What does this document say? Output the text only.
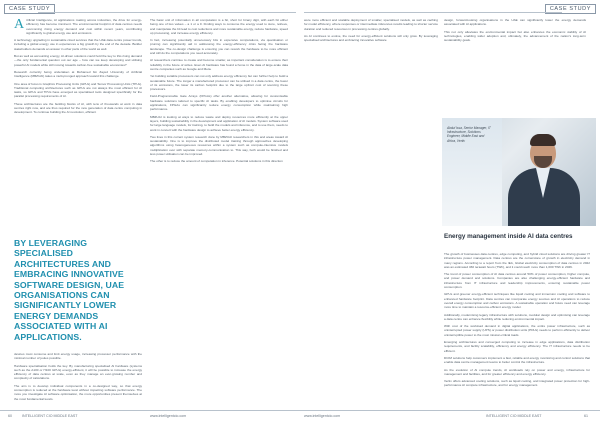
CASE STUDY
A rtificial Intelligence, AI applications making across industries, the drive for energy-efficiency has become imminent. The environmental footprint of data centres needs overcoming rising energy demand and cost within recent years, contributing significantly to global energy use and emissions.

A technology upgrading in sustainable cloud services that the UAE data centre power trends, including a global energy use in experiences a big growth by the end of the decade. Builder stakeholders demands an answer in other parts of the world as well.

But as well as accounting energy, AI-driven solutions could hold the key to this rising demand—the only fundamental question out our age – how can we keep developing and utilising powerful AI models while still moving towards carbon-free sustainable economies?

Research currently being undertaken at Mohamed bin Zayed University of Artificial Intelligence (MBZUAI) takes a multi-pronged approach toward this challenge.

One area of focus is Graphics Processing Units (GPUs) and Tensor Processing Units (TPUs). Traditional computing architectures such as GPUs are not always the most efficient for AI tasks, so GPUs and TPUs have emerged as specialised tools designed specifically for the parallel processing requirements of AI.

These architectures are the building blocks of AI, with tens of thousands at work in data centres right now, and are thus required for the new generation of data centre computing in development. To continue building the AI revolution, efficient

BY LEVERAGING SPECIALISED ARCHITECTURES AND EMBRACING INNOVATIVE SOFTWARE DESIGN, UAE ORGANISATIONS CAN SIGNIFICANTLY LOWER ENERGY DEMANDS ASSOCIATED WITH AI APPLICATIONS.

devices must consume and limit energy usage, increasing processor performance with the minimal number of joules possible.

Hardware specialisation holds the key. By manufacturing specialised AI hardware (systems such as the A100 or H100 GPUs) energy-efficient, it will be possible to increase the energy efficiency of data centres at scale, even as they manage an ever-growing number and complexity of calculations.

The aim is to develop individual components in a co-designed way, so that energy consumption is reduced at the hardware level without impacting software performance. The more you investigate AI software optimisation, the more opportunities present themselves at the most fundamental levels.

The basic unit of information in all computation is a bit, short for binary digit, with each bit either being one of two values – a 1 or a 0. Finding ways to consume the energy used to store, retrieve, and manipulate the bit lead to cost reductions and more sustainable energy, reduce hardware, speed up processing, and increase energy efficiency.

In fact, increasing potentially unnecessary bits in expensive computations, via quantisation or pruning can significantly aid in addressing the energy-efficiency crisis facing the hardware landscape. The co-design challenge is ensuring you can rework the hardware to be more efficient and still do the computations you need accurately.

AI researchers continue to create and become smaller, as important consideration is to ensure their reliability in the future of writes. Even AI hardware has found a home in the data of large-scale data centre companies such as Google and Meta.

Yet building suitable processors can not only address energy efficiency but can further help to build a sustainable future. The longer a manufactured processor can be utilised in a data centre, the fewer of its emissions, the lower its carbon footprint due to the large upfront cost of sourcing these processors.

Field-Programmable Gate Arrays (FPGAs) offer another alternative, allowing for customisable hardware solutions tailored to specific AI tasks. By enabling developers to optimise circuits for applications, FPGAs can significantly reduce energy consumption while maintaining high performance.

MBZUAI is looking at ways to reduce waste and deploy resources more efficiently at the upper layers, building sustainability in the development and application of AI models. System software used for large language models, for training, to build the models and inference, and to use them, needs to work in concert with the hardware design to achieve better energy efficiency.

Two lines in this current system research done by MBZUAI researchers in this and areas toward AI sustainability. One is to improve the distributed model training through approaches developing algorithms using heterogeneous resources within a system such as compute-intensive models multiplication over with separate memory-communication to. This way, both would be finished and less power utilisation can be improved.

The other is to reduce the amount of computation in inference. Potential solutions in this direction

60	INTELLIGENT CIO MIDDLE EAST	www.intelligentcio.com
CASE STUDY

were more efficient and scalable deployment of smaller, specialised models, as well as caching for model efficiency, where responses or intermediate inferences results leading to shorter service duration and reduced resources in processing centres globally.

As AI continues to evolve, the need for energy-efficient solutions will only grow. By leveraging specialised architectures and embracing innovative software

design, forward-looking organisations in the UAE can significantly lower the energy demands associated with AI applications.

This not only alleviates the environmental impact but also enhances the economic viability of AI technologies, enabling wider adoption and, ultimately, the advancement of the nation's long-term sustainability goals.

Abdul Issa, Senior Manager, IT Infrastructure, Solutions Engineer, Middle East and Africa, Vertiv
Energy management inside AI data centres

The growth of businesses data centres, edge computing, and hybrid cloud solutions are driving greater IT infrastructure power management. Data centres are the cornerstone of growth in electricity demand in many regions. According to a report from the IEA, Global electricity consumption of data centres in 2022 was an estimated 460 terawatt hours (TWh), and it could reach more than 1,000 TWh in 2026.

The trend of power consumption of AI data centres around 50% of power consumption, higher compute, and power demand and solutions. Companies are also challenging energy-efficient hardware and infrastructure from IT infrastructure and leadership improvements, ensuring sustainable power consumption.

GPUs and greener energy-efficient techniques like liquid cooling and immersion cooling and software to enhanced hardware footprint. Data centres can incorporate energy sources and AI operations to reduce overall energy consumption and carbon emissions. A sustainable operation and future need can leverage more time to maintain a resource-efficient energy model.

Additionally, modernising legacy infrastructure with solutions, modular design and optimising can leverage a data centre can enhance flexibility while reducing environmental impact.

With cost of the workload demand in digital applications, the entire power infrastructure, such as uninterrupted power supply (UPS) or power distribution units (PDUs) needs to perform efficiently to deliver uninterruptible power to the most mission-critical loads.

Emerging architectures and converged computing to increase in edge applications, data distribution requirements, and facility scalability, efficiency and energy efficiency. The IT infrastructure needs to be efficient.

DCIM solutions help customers implement a fast, reliable and energy monitoring and control solutions that enable data centre management teams to better control the infrastructure.

As the evolution of AI compute trends, AI workloads rely on power and energy, infrastructure for management and facilities, and for greater efficiency and energy efficiency.

Vertiv offers advanced cooling solutions, such as liquid cooling, and integrated power protection for high-performance AI compute infrastructure, and for energy management.

www.intelligentcio.com	INTELLIGENT CIO MIDDLE EAST	61
